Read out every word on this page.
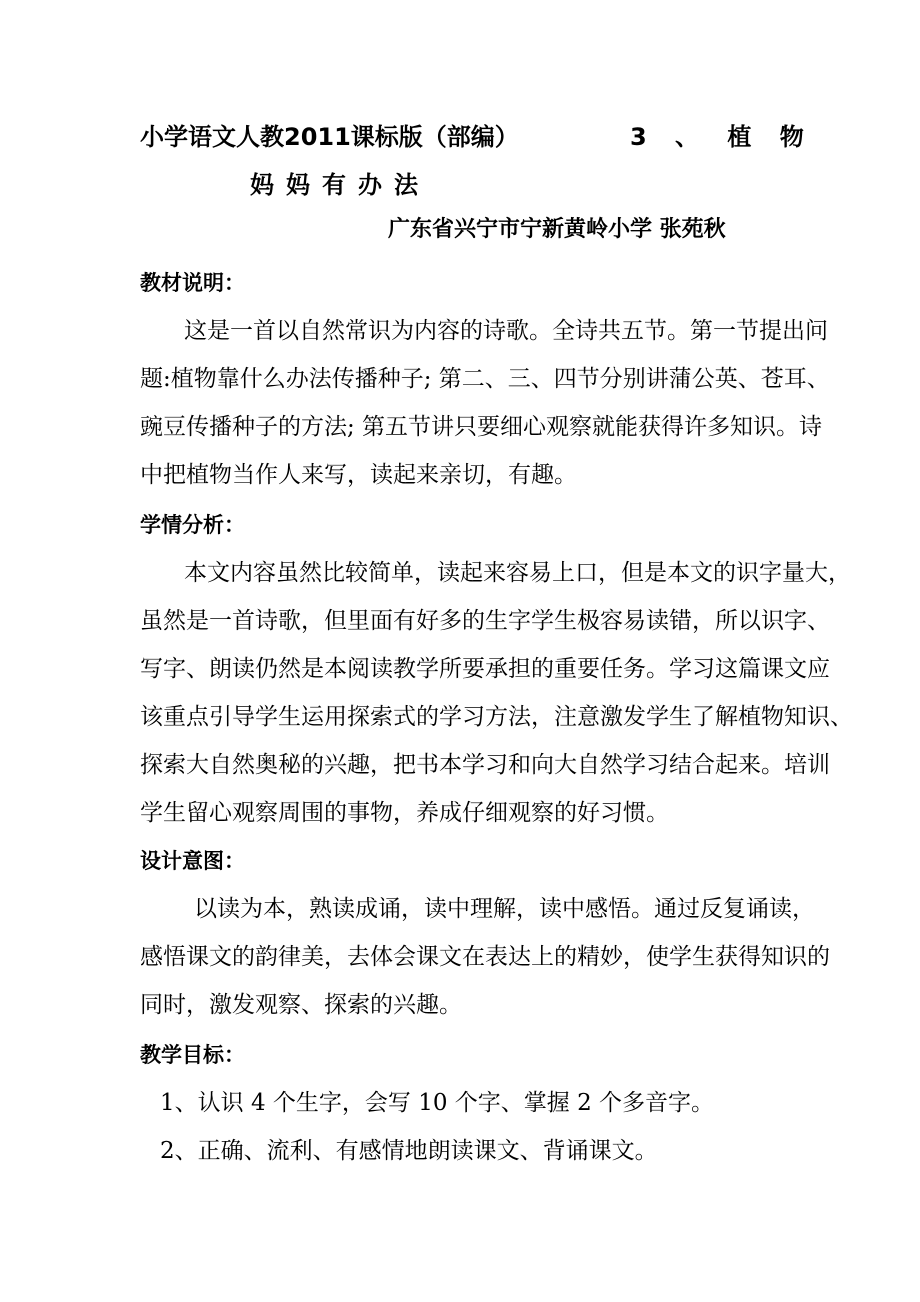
小学语文人教2011课标版（部编）	3 、 植 物
妈妈有办法
广东省兴宁市宁新黄岭小学 张苑秋
教材说明：
这是一首以自然常识为内容的诗歌。全诗共五节。第一节提出问
题:植物靠什么办法传播种子; 第二、三、四节分别讲蒲公英、苍耳、
豌豆传播种子的方法; 第五节讲只要细心观察就能获得许多知识。诗
中把植物当作人来写，读起来亲切，有趣。
学情分析：
本文内容虽然比较简单，读起来容易上口，但是本文的识字量大，
虽然是一首诗歌，但里面有好多的生字学生极容易读错，所以识字、
写字、朗读仍然是本阅读教学所要承担的重要任务。学习这篇课文应
该重点引导学生运用探索式的学习方法，注意激发学生了解植物知识、
探索大自然奥秘的兴趣，把书本学习和向大自然学习结合起来。培训
学生留心观察周围的事物，养成仔细观察的好习惯。
设计意图：
以读为本，熟读成诵，读中理解，读中感悟。通过反复诵读，
感悟课文的韵律美，去体会课文在表达上的精妙，使学生获得知识的
同时，激发观察、探索的兴趣。
教学目标：
1、认识 4 个生字，会写 10 个字、掌握 2 个多音字。
2、正确、流利、有感情地朗读课文、背诵课文。
